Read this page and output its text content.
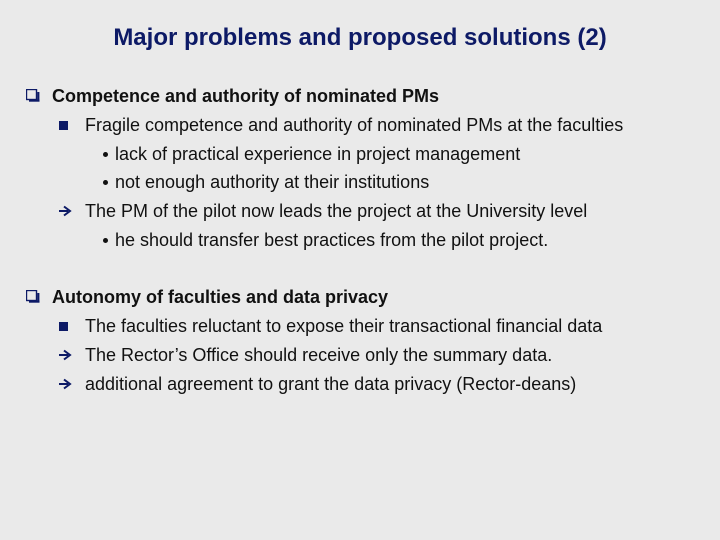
Major problems and proposed solutions (2)
Competence and authority of nominated PMs
Fragile competence and authority of nominated PMs at the faculties
lack of practical experience in project management
not enough authority at their institutions
The PM of the pilot now leads the project at the University level
he should transfer best practices from the pilot project.
Autonomy of faculties and data privacy
The faculties reluctant to expose their transactional financial data
The Rector’s Office should receive only the summary data.
additional agreement to grant the data privacy (Rector-deans)
